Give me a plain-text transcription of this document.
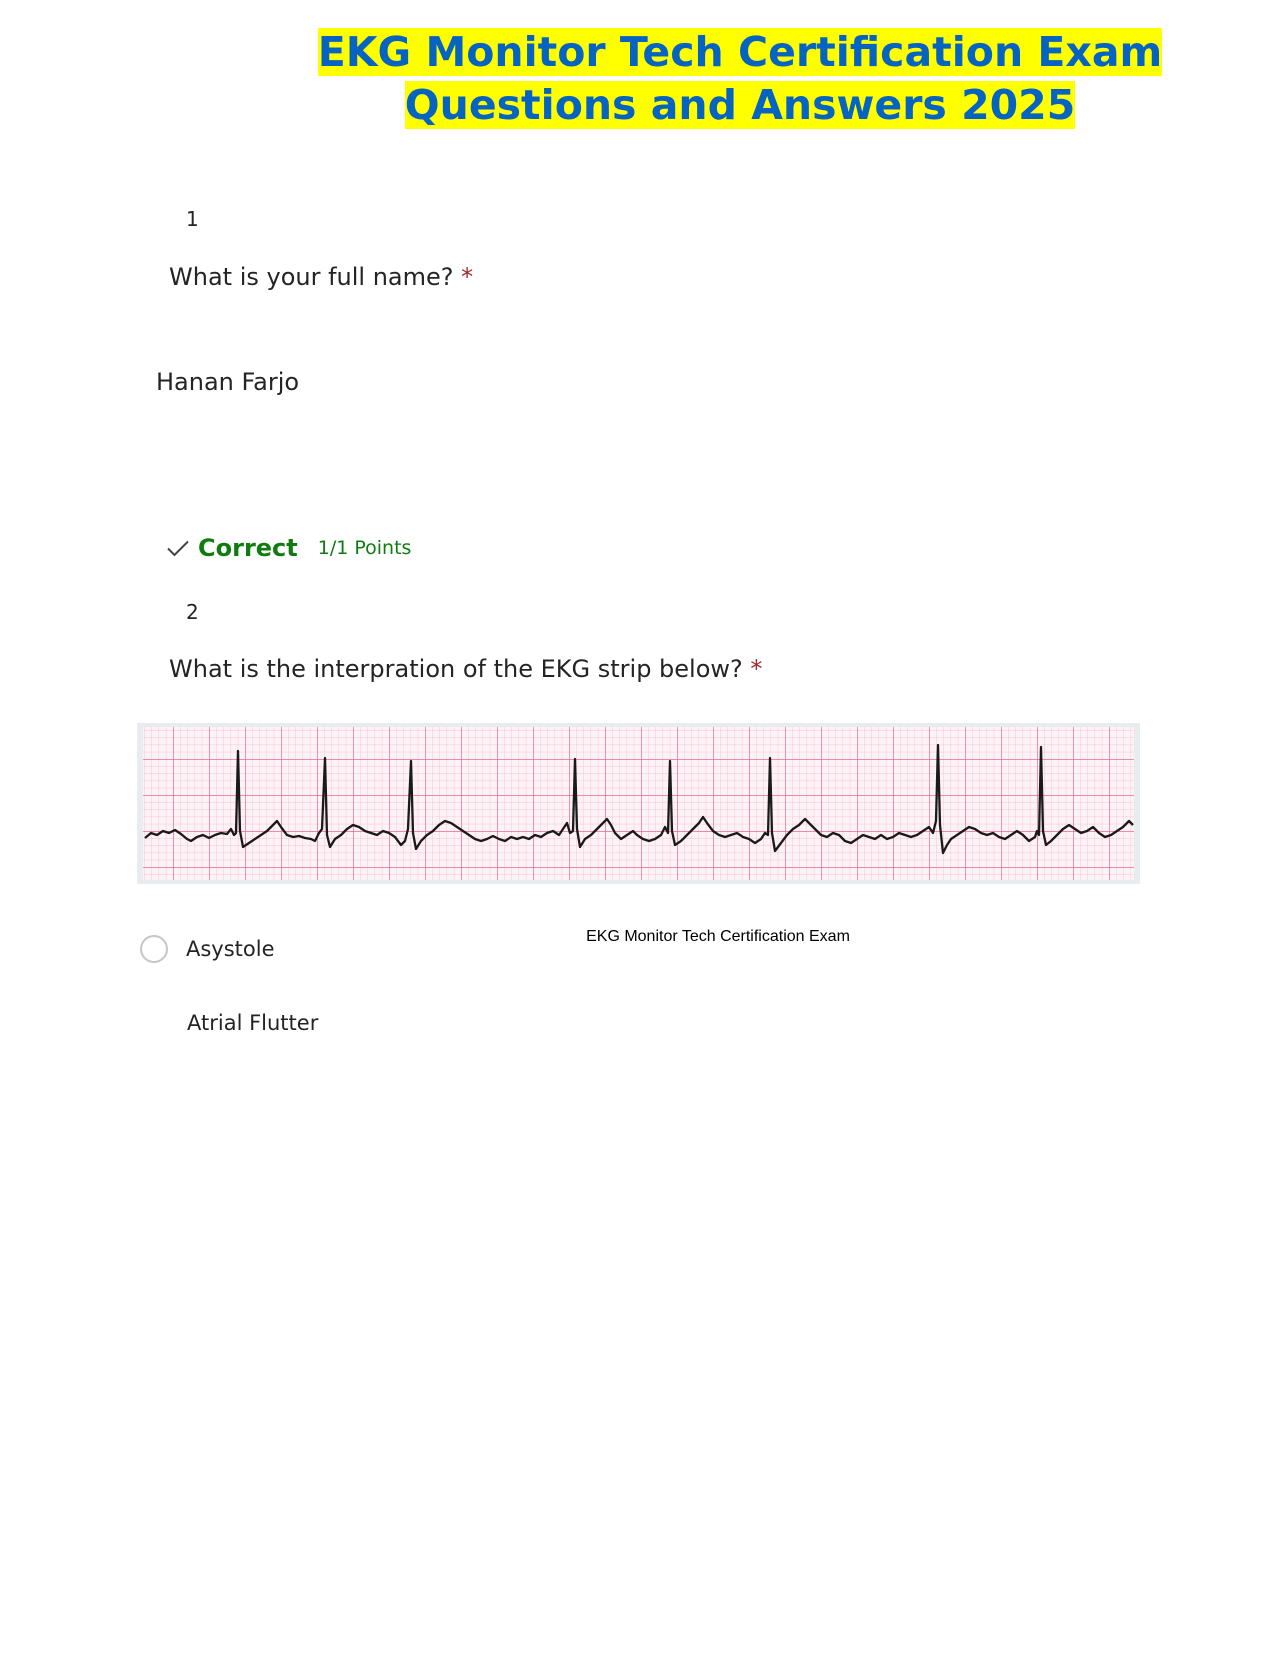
EKG Monitor Tech Certification Exam
Questions and Answers 2025
1
What is your full name? *
Hanan Farjo
Correct 1/1 Points
2
What is the interpration of the EKG strip below? *
EKG Monitor Tech Certification Exam
Asystole
Atrial Flutter
